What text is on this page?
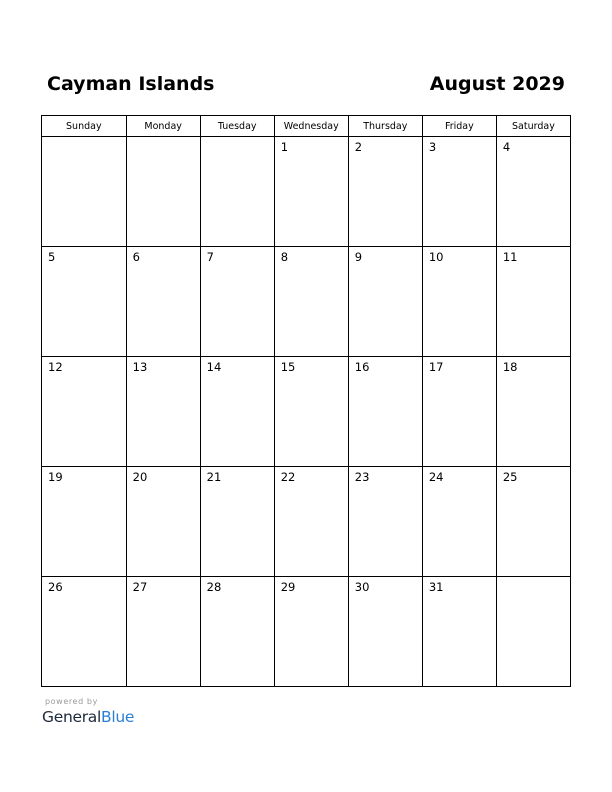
Cayman Islands	August 2029
Sunday	Monday	Tuesday	Wednesday	Thursday	Friday	Saturday

			1	2	3	4

5	6	7	8	9	10	11

12	13	14	15	16	17	18

19	20	21	22	23	24	25

26	27	28	29	30	31	

powered by
GeneralBlue
